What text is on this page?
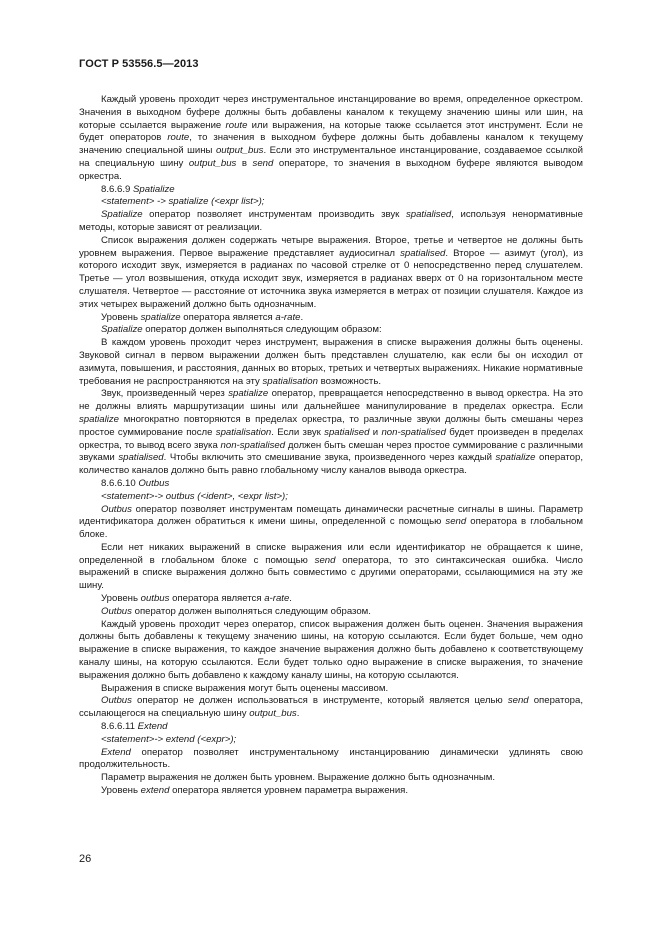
ГОСТ Р 53556.5—2013

Каждый уровень проходит через инструментальное инстанцирование во время, определенное оркестром. Значения в выходном буфере должны быть добавлены каналом к текущему значению шины или шин, на которые ссылается выражение route или выражения, на которые также ссылается этот инструмент. Если не будет операторов route, то значения в выходном буфере должны быть добавлены каналом к текущему значению специальной шины output_bus. Если это инструментальное инстанцирование, создаваемое ссылкой на специальную шину output_bus в send операторе, то значения в выходном буфере являются выводом оркестра.

8.6.6.9 Spatialize

<statement> -> spatialize (<expr list>);

Spatialize оператор позволяет инструментам производить звук spatialised, используя ненормативные методы, которые зависят от реализации.

Список выражения должен содержать четыре выражения. Второе, третье и четвертое не должны быть уровнем выражения. Первое выражение представляет аудиосигнал spatialised. Второе — азимут (угол), из которого исходит звук, измеряется в радианах по часовой стрелке от 0 непосредственно перед слушателем. Третье — угол возвышения, откуда исходит звук, измеряется в радианах вверх от 0 на горизонтальном месте слушателя. Четвертое — расстояние от источника звука измеряется в метрах от позиции слушателя. Каждое из этих четырех выражений должно быть однозначным.

Уровень spatialize оператора является a-rate.

Spatialize оператор должен выполняться следующим образом:

В каждом уровень проходит через инструмент, выражения в списке выражения должны быть оценены. Звуковой сигнал в первом выражении должен быть представлен слушателю, как если бы он исходил от азимута, повышения, и расстояния, данных во вторых, третьих и четвертых выражениях. Никакие нормативные требования не распространяются на эту spatialisation возможность.

Звук, произведенный через spatialize оператор, превращается непосредственно в вывод оркестра. На это не должны влиять маршрутизации шины или дальнейшее манипулирование в пределах оркестра. Если spatialize многократно повторяются в пределах оркестра, то различные звуки должны быть смешаны через простое суммирование после spatialisation. Если звук spatialised и non-spatialised будет произведен в пределах оркестра, то вывод всего звука non-spatialised должен быть смешан через простое суммирование с различными звуками spatialised. Чтобы включить это смешивание звука, произведенного через каждый spatialize оператор, количество каналов должно быть равно глобальному числу каналов вывода оркестра.

8.6.6.10 Outbus

<statement>-> outbus (<ident>, <expr list>);

Outbus оператор позволяет инструментам помещать динамически расчетные сигналы в шины. Параметр идентификатора должен обратиться к имени шины, определенной с помощью send оператора в глобальном блоке.

Если нет никаких выражений в списке выражения или если идентификатор не обращается к шине, определенной в глобальном блоке с помощью send оператора, то это синтаксическая ошибка. Число выражений в списке выражения должно быть совместимо с другими операторами, ссылающимися на эту же шину.

Уровень outbus оператора является a-rate.

Outbus оператор должен выполняться следующим образом.

Каждый уровень проходит через оператор, список выражения должен быть оценен. Значения выражения должны быть добавлены к текущему значению шины, на которую ссылаются. Если будет больше, чем одно выражение в списке выражения, то каждое значение выражения должно быть добавлено к соответствующему каналу шины, на которую ссылаются. Если будет только одно выражение в списке выражения, то значение выражения должно быть добавлено к каждому каналу шины, на которую ссылаются.

Выражения в списке выражения могут быть оценены массивом.

Outbus оператор не должен использоваться в инструменте, который является целью send оператора, ссылающегося на специальную шину output_bus.

8.6.6.11 Extend

<statement>-> extend (<expr>);

Extend оператор позволяет инструментальному инстанцированию динамически удлинять свою продолжительность.

Параметр выражения не должен быть уровнем. Выражение должно быть однозначным.

Уровень extend оператора является уровнем параметра выражения.

26
